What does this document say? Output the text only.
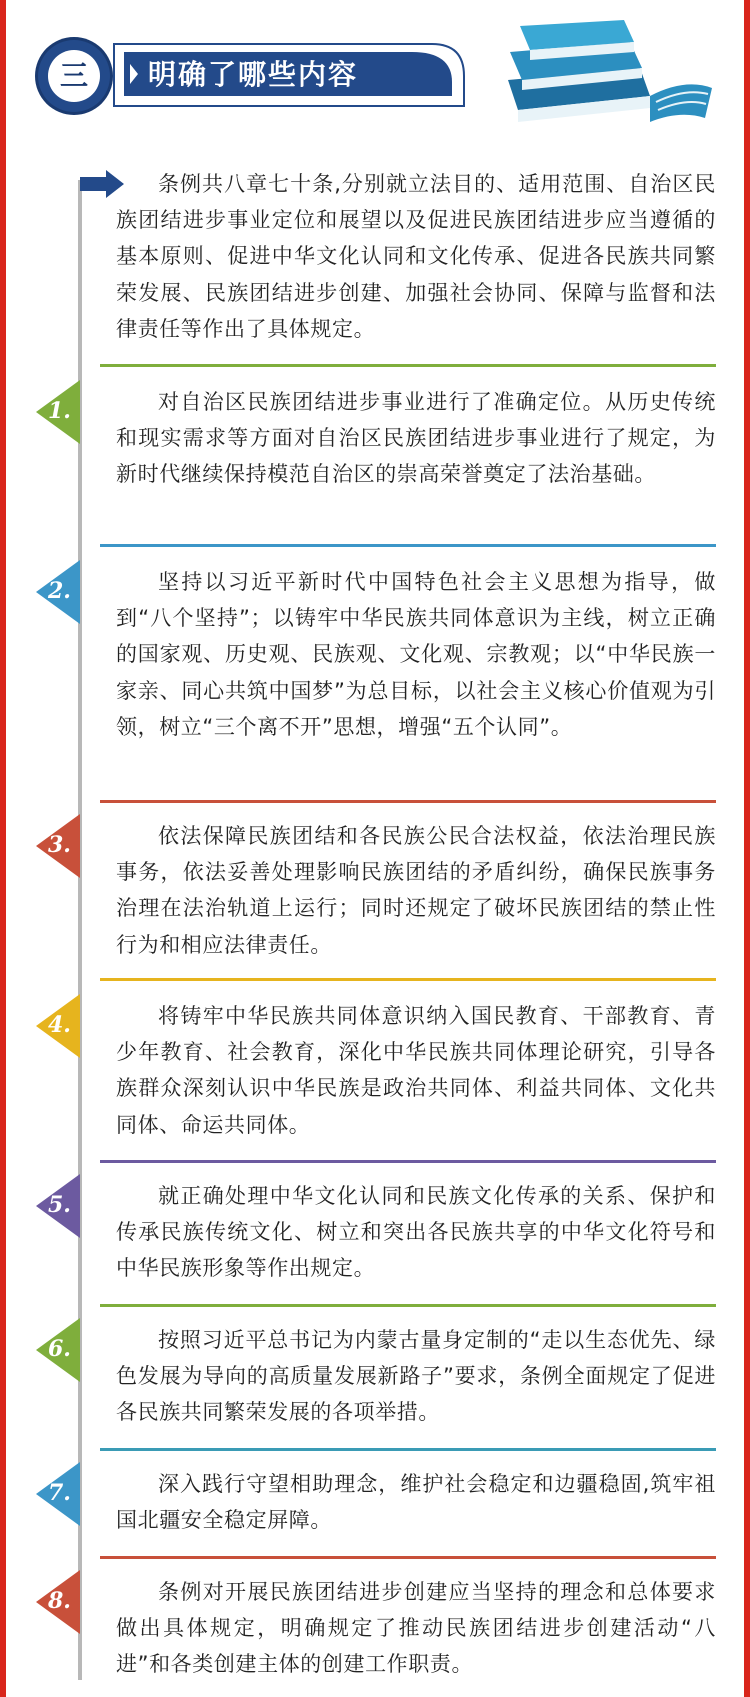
三	明确了哪些内容
条例共八章七十条,分别就立法目的、适用范围、自治区民族团结进步事业定位和展望以及促进民族团结进步应当遵循的基本原则、促进中华文化认同和文化传承、促进各民族共同繁荣发展、民族团结进步创建、加强社会协同、保障与监督和法律责任等作出了具体规定。
1.	对自治区民族团结进步事业进行了准确定位。从历史传统和现实需求等方面对自治区民族团结进步事业进行了规定，为新时代继续保持模范自治区的崇高荣誉奠定了法治基础。
2.	坚持以习近平新时代中国特色社会主义思想为指导，做到“八个坚持”；以铸牢中华民族共同体意识为主线，树立正确的国家观、历史观、民族观、文化观、宗教观；以“中华民族一家亲、同心共筑中国梦”为总目标，以社会主义核心价值观为引领，树立“三个离不开”思想，增强“五个认同”。
3.	依法保障民族团结和各民族公民合法权益，依法治理民族事务，依法妥善处理影响民族团结的矛盾纠纷，确保民族事务治理在法治轨道上运行；同时还规定了破坏民族团结的禁止性行为和相应法律责任。
4.	将铸牢中华民族共同体意识纳入国民教育、干部教育、青少年教育、社会教育，深化中华民族共同体理论研究，引导各族群众深刻认识中华民族是政治共同体、利益共同体、文化共同体、命运共同体。
5.	就正确处理中华文化认同和民族文化传承的关系、保护和传承民族传统文化、树立和突出各民族共享的中华文化符号和中华民族形象等作出规定。
6.	按照习近平总书记为内蒙古量身定制的“走以生态优先、绿色发展为导向的高质量发展新路子”要求，条例全面规定了促进各民族共同繁荣发展的各项举措。
7.	深入践行守望相助理念，维护社会稳定和边疆稳固,筑牢祖国北疆安全稳定屏障。
8.	条例对开展民族团结进步创建应当坚持的理念和总体要求做出具体规定，明确规定了推动民族团结进步创建活动“八进”和各类创建主体的创建工作职责。
